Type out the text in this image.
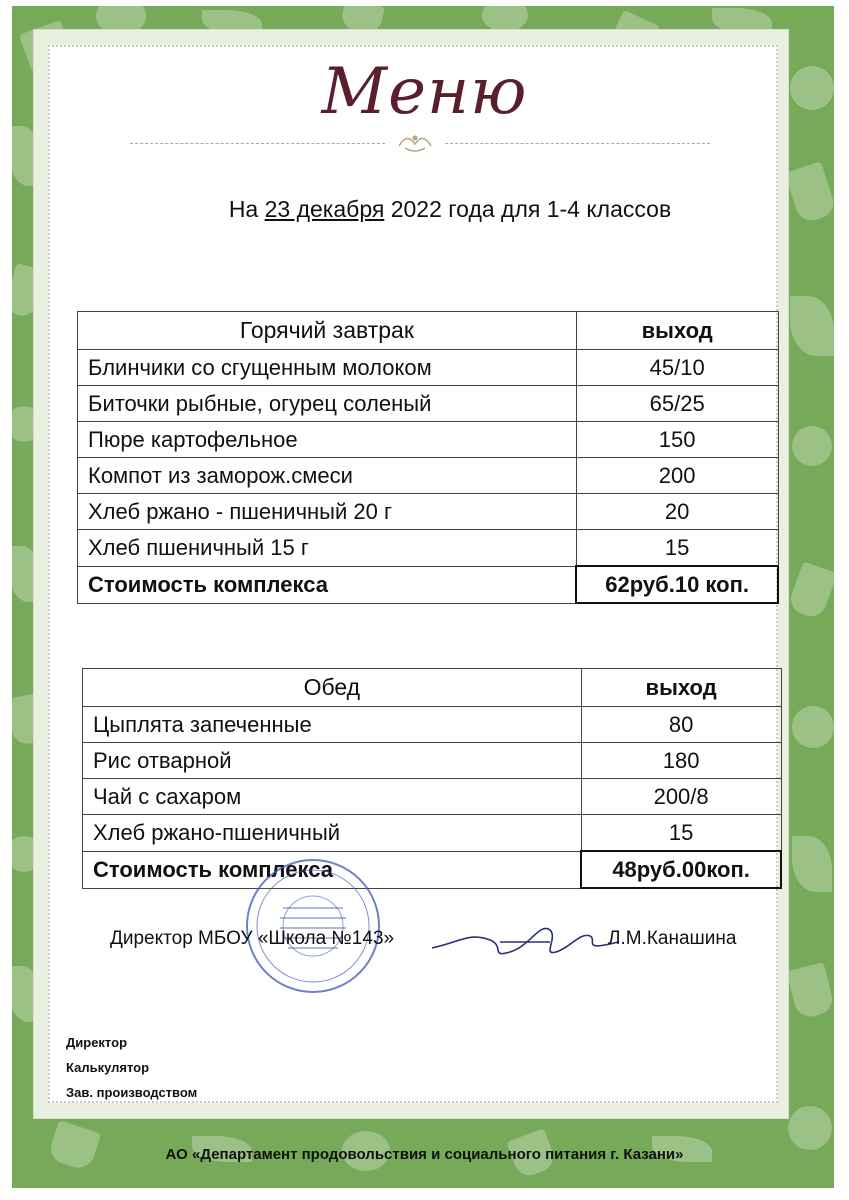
Меню
На 23 декабря 2022 года для 1-4 классов
Горячий завтрак	выход
Блинчики со сгущенным молоком	45/10
Биточки рыбные, огурец соленый	65/25
Пюре картофельное	150
Компот из заморож.смеси	200
Хлеб ржано - пшеничный 20 г	20
Хлеб пшеничный 15 г	15
Стоимость комплекса	62руб.10 коп.
Обед	выход
Цыплята запеченные	80
Рис отварной	180
Чай с сахаром	200/8
Хлеб ржано-пшеничный	15
Стоимость комплекса	48руб.00коп.
Директор МБОУ «Школа №143»	Л.М.Канашина
Директор
Калькулятор
Зав. производством
АО «Департамент продовольствия и социального питания г. Казани»
